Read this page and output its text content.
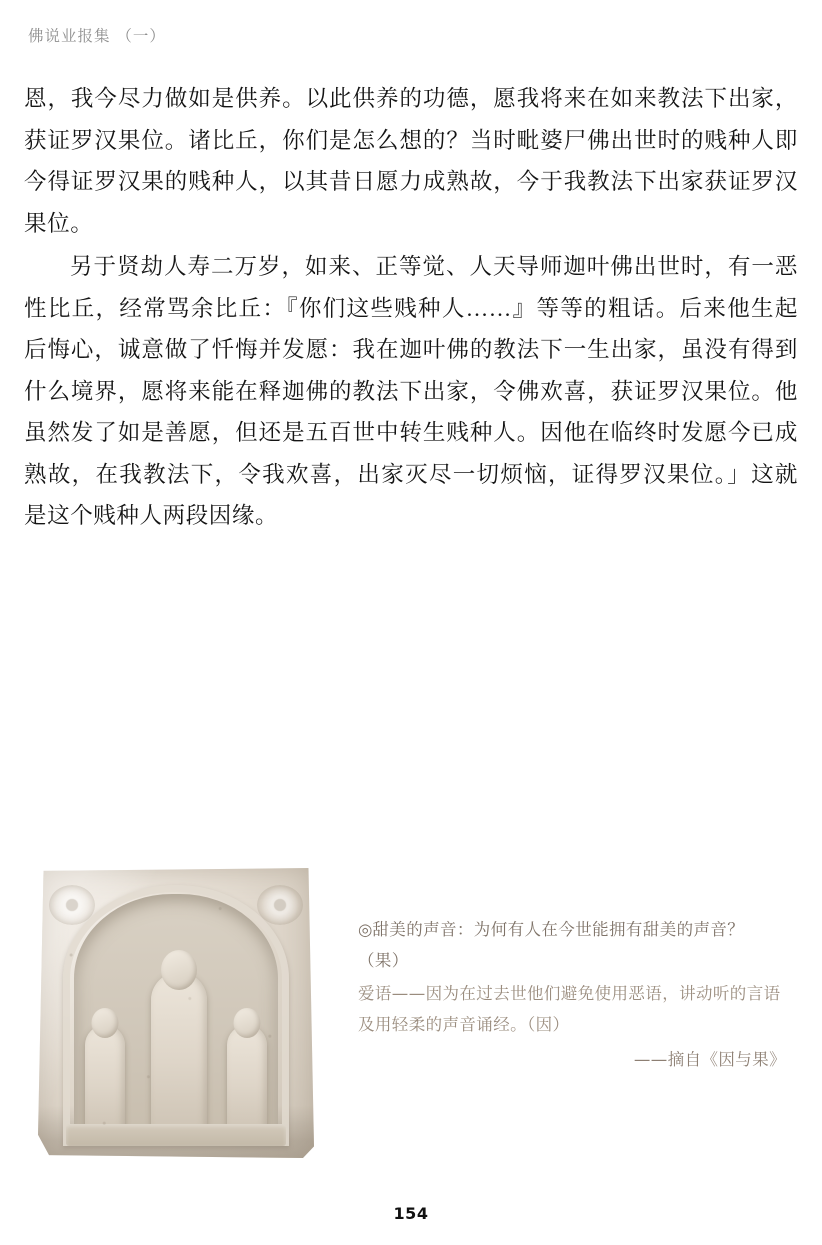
佛说业报集 （一）

恩，我今尽力做如是供养。以此供养的功德，愿我将来在如来教法下出家，获证罗汉果位。诸比丘，你们是怎么想的？当时毗婆尸佛出世时的贱种人即今得证罗汉果的贱种人，以其昔日愿力成熟故，今于我教法下出家获证罗汉果位。

另于贤劫人寿二万岁，如来、正等觉、人天导师迦叶佛出世时，有一恶性比丘，经常骂余比丘：『你们这些贱种人……』等等的粗话。后来他生起后悔心，诚意做了忏悔并发愿：我在迦叶佛的教法下一生出家，虽没有得到什么境界，愿将来能在释迦佛的教法下出家，令佛欢喜，获证罗汉果位。他虽然发了如是善愿，但还是五百世中转生贱种人。因他在临终时发愿今已成熟故，在我教法下，令我欢喜，出家灭尽一切烦恼，证得罗汉果位。」这就是这个贱种人两段因缘。

◎甜美的声音：为何有人在今世能拥有甜美的声音？（果）

爱语——因为在过去世他们避免使用恶语，讲动听的言语及用轻柔的声音诵经。（因）

——摘自《因与果》

154
